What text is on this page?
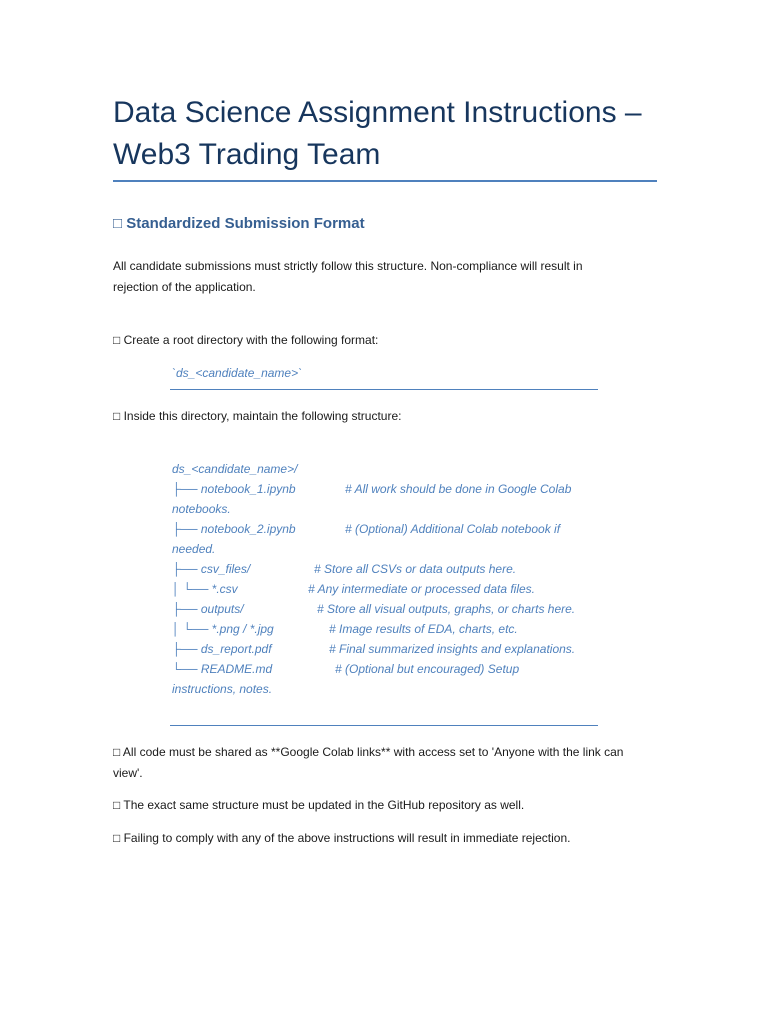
Data Science Assignment Instructions –
Web3 Trading Team
□ Standardized Submission Format
All candidate submissions must strictly follow this structure. Non-compliance will result in
rejection of the application.
□ Create a root directory with the following format:
`ds_<candidate_name>`
□ Inside this directory, maintain the following structure:
ds_<candidate_name>/
├── notebook_1.ipynb	# All work should be done in Google Colab
notebooks.
├── notebook_2.ipynb	# (Optional) Additional Colab notebook if
needed.
├── csv_files/	# Store all CSVs or data outputs here.
│ └── *.csv	# Any intermediate or processed data files.
├── outputs/	# Store all visual outputs, graphs, or charts here.
│ └── *.png / *.jpg	# Image results of EDA, charts, etc.
├── ds_report.pdf	# Final summarized insights and explanations.
└── README.md	# (Optional but encouraged) Setup
instructions, notes.
□ All code must be shared as **Google Colab links** with access set to 'Anyone with the link can
view'.
□ The exact same structure must be updated in the GitHub repository as well.
□ Failing to comply with any of the above instructions will result in immediate rejection.
